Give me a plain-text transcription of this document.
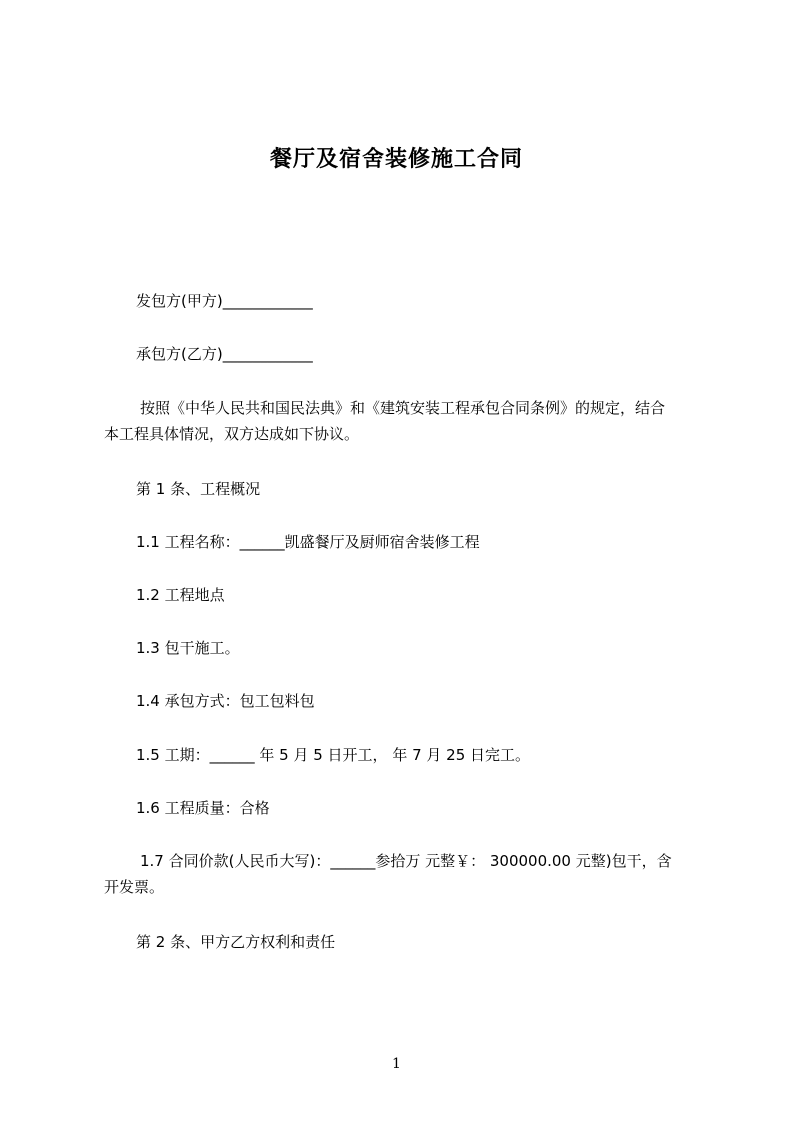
餐厅及宿舍装修施工合同
发包方(甲方)____________
承包方(乙方)____________
按照《中华人民共和国民法典》和《建筑安装工程承包合同条例》的规定，结合
本工程具体情况，双方达成如下协议。
第 1 条、工程概况
1.1 工程名称：______凯盛餐厅及厨师宿舍装修工程
1.2 工程地点
1.3 包干施工。
1.4 承包方式：包工包料包
1.5 工期：______ 年 5 月 5 日开工， 年 7 月 25 日完工。
1.6 工程质量：合格
1.7 合同价款(人民币大写)：______参拾万 元整￥： 300000.00 元整)包干，含
开发票。
第 2 条、甲方乙方权利和责任
1
